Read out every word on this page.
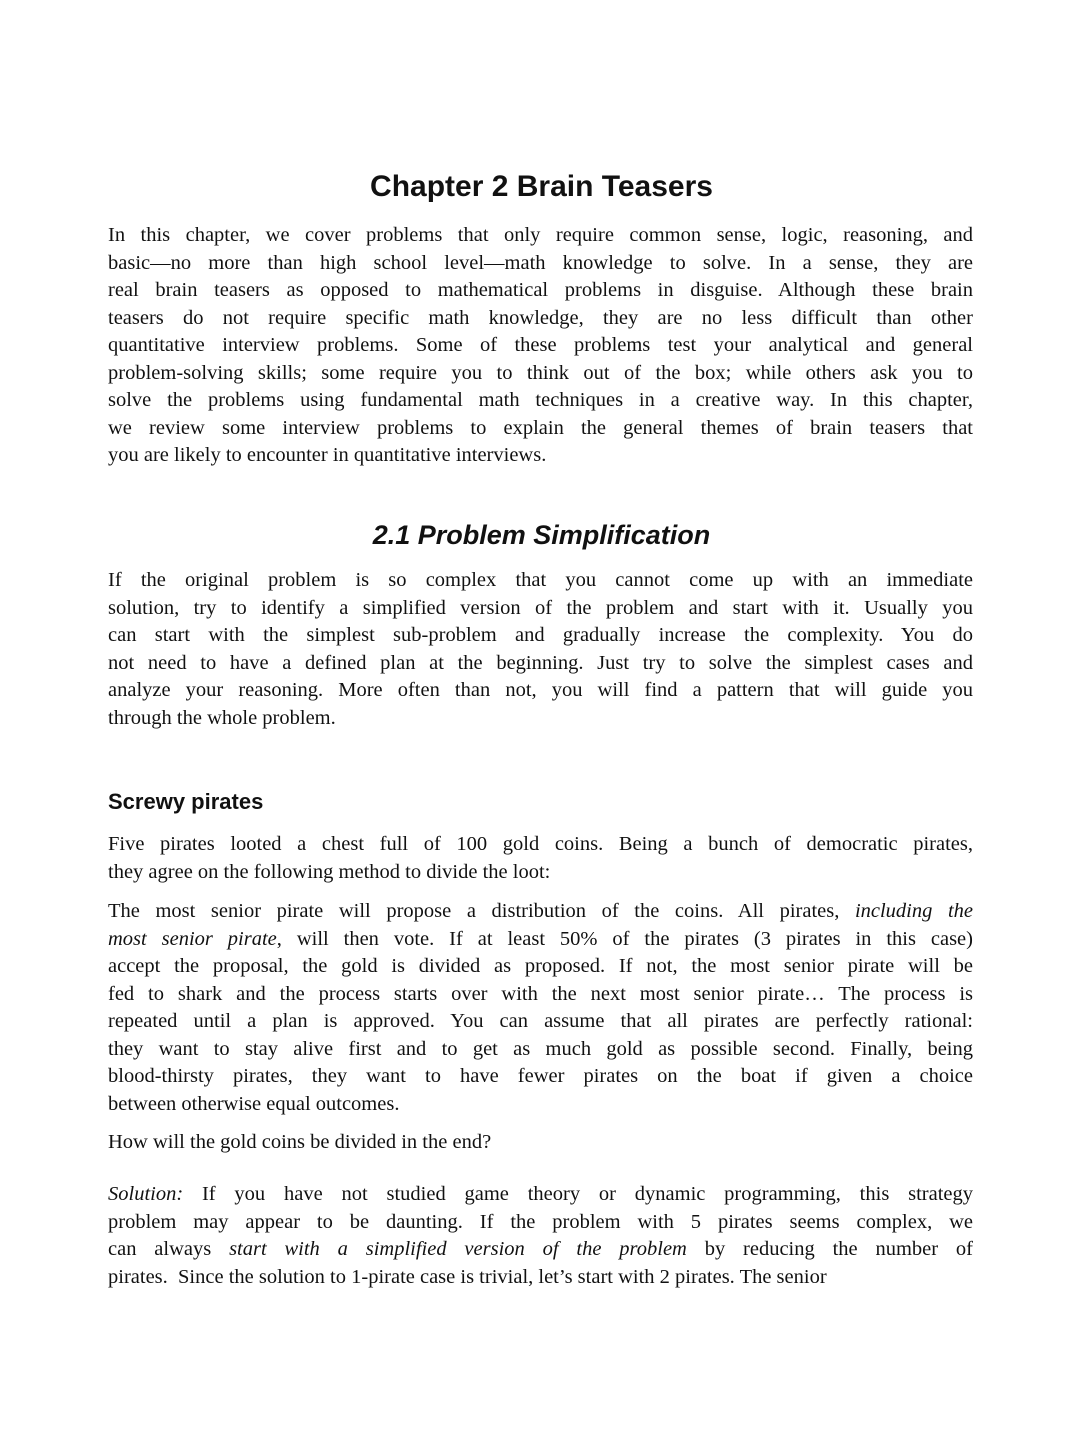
Chapter 2 Brain Teasers
In this chapter, we cover problems that only require common sense, logic, reasoning, and
basic—no more than high school level—math knowledge to solve. In a sense, they are
real brain teasers as opposed to mathematical problems in disguise. Although these brain
teasers do not require specific math knowledge, they are no less difficult than other
quantitative interview problems. Some of these problems test your analytical and general
problem-solving skills; some require you to think out of the box; while others ask you to
solve the problems using fundamental math techniques in a creative way. In this chapter,
we review some interview problems to explain the general themes of brain teasers that
you are likely to encounter in quantitative interviews.
2.1 Problem Simplification
If the original problem is so complex that you cannot come up with an immediate
solution, try to identify a simplified version of the problem and start with it. Usually you
can start with the simplest sub-problem and gradually increase the complexity. You do
not need to have a defined plan at the beginning. Just try to solve the simplest cases and
analyze your reasoning. More often than not, you will find a pattern that will guide you
through the whole problem.
Screwy pirates
Five pirates looted a chest full of 100 gold coins. Being a bunch of democratic pirates,
they agree on the following method to divide the loot:
The most senior pirate will propose a distribution of the coins. All pirates, including the
most senior pirate, will then vote. If at least 50% of the pirates (3 pirates in this case)
accept the proposal, the gold is divided as proposed. If not, the most senior pirate will be
fed to shark and the process starts over with the next most senior pirate… The process is
repeated until a plan is approved. You can assume that all pirates are perfectly rational:
they want to stay alive first and to get as much gold as possible second. Finally, being
blood-thirsty pirates, they want to have fewer pirates on the boat if given a choice
between otherwise equal outcomes.
How will the gold coins be divided in the end?
Solution: If you have not studied game theory or dynamic programming, this strategy
problem may appear to be daunting. If the problem with 5 pirates seems complex, we
can always start with a simplified version of the problem by reducing the number of
pirates.  Since the solution to 1-pirate case is trivial, let’s start with 2 pirates. The senior
